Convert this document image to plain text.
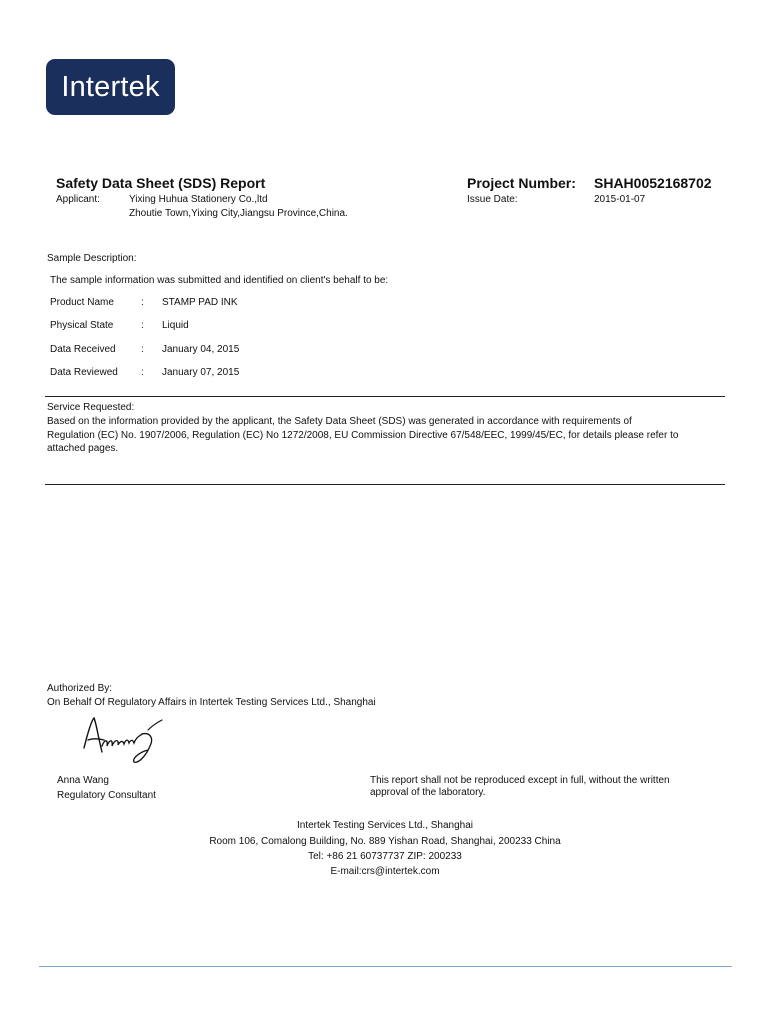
Intertek
Safety Data Sheet (SDS) Report	Project Number: SHAH0052168702
Applicant:	Yixing Huhua Stationery Co.,ltd
Zhoutie Town,Yixing City,Jiangsu Province,China.
Issue Date:	2015-01-07
Sample Description:
The sample information was submitted and identified on client's behalf to be:
Product Name	: STAMP PAD INK
Physical State	: Liquid
Data Received	: January 04, 2015
Data Reviewed : January 07, 2015
Service Requested:
Based on the information provided by the applicant, the Safety Data Sheet (SDS) was generated in accordance with requirements of
Regulation (EC) No. 1907/2006, Regulation (EC) No 1272/2008, EU Commission Directive 67/548/EEC, 1999/45/EC, for details please refer to
attached pages.
Authorized By:
On Behalf Of Regulatory Affairs in Intertek Testing Services Ltd., Shanghai
Anna Wang
Regulatory Consultant
This report shall not be reproduced except in full, without the written
approval of the laboratory.
Intertek Testing Services Ltd., Shanghai
Room 106, Comalong Building, No. 889 Yishan Road, Shanghai, 200233 China
Tel: +86 21 60737737 ZIP: 200233
E-mail:crs@intertek.com
